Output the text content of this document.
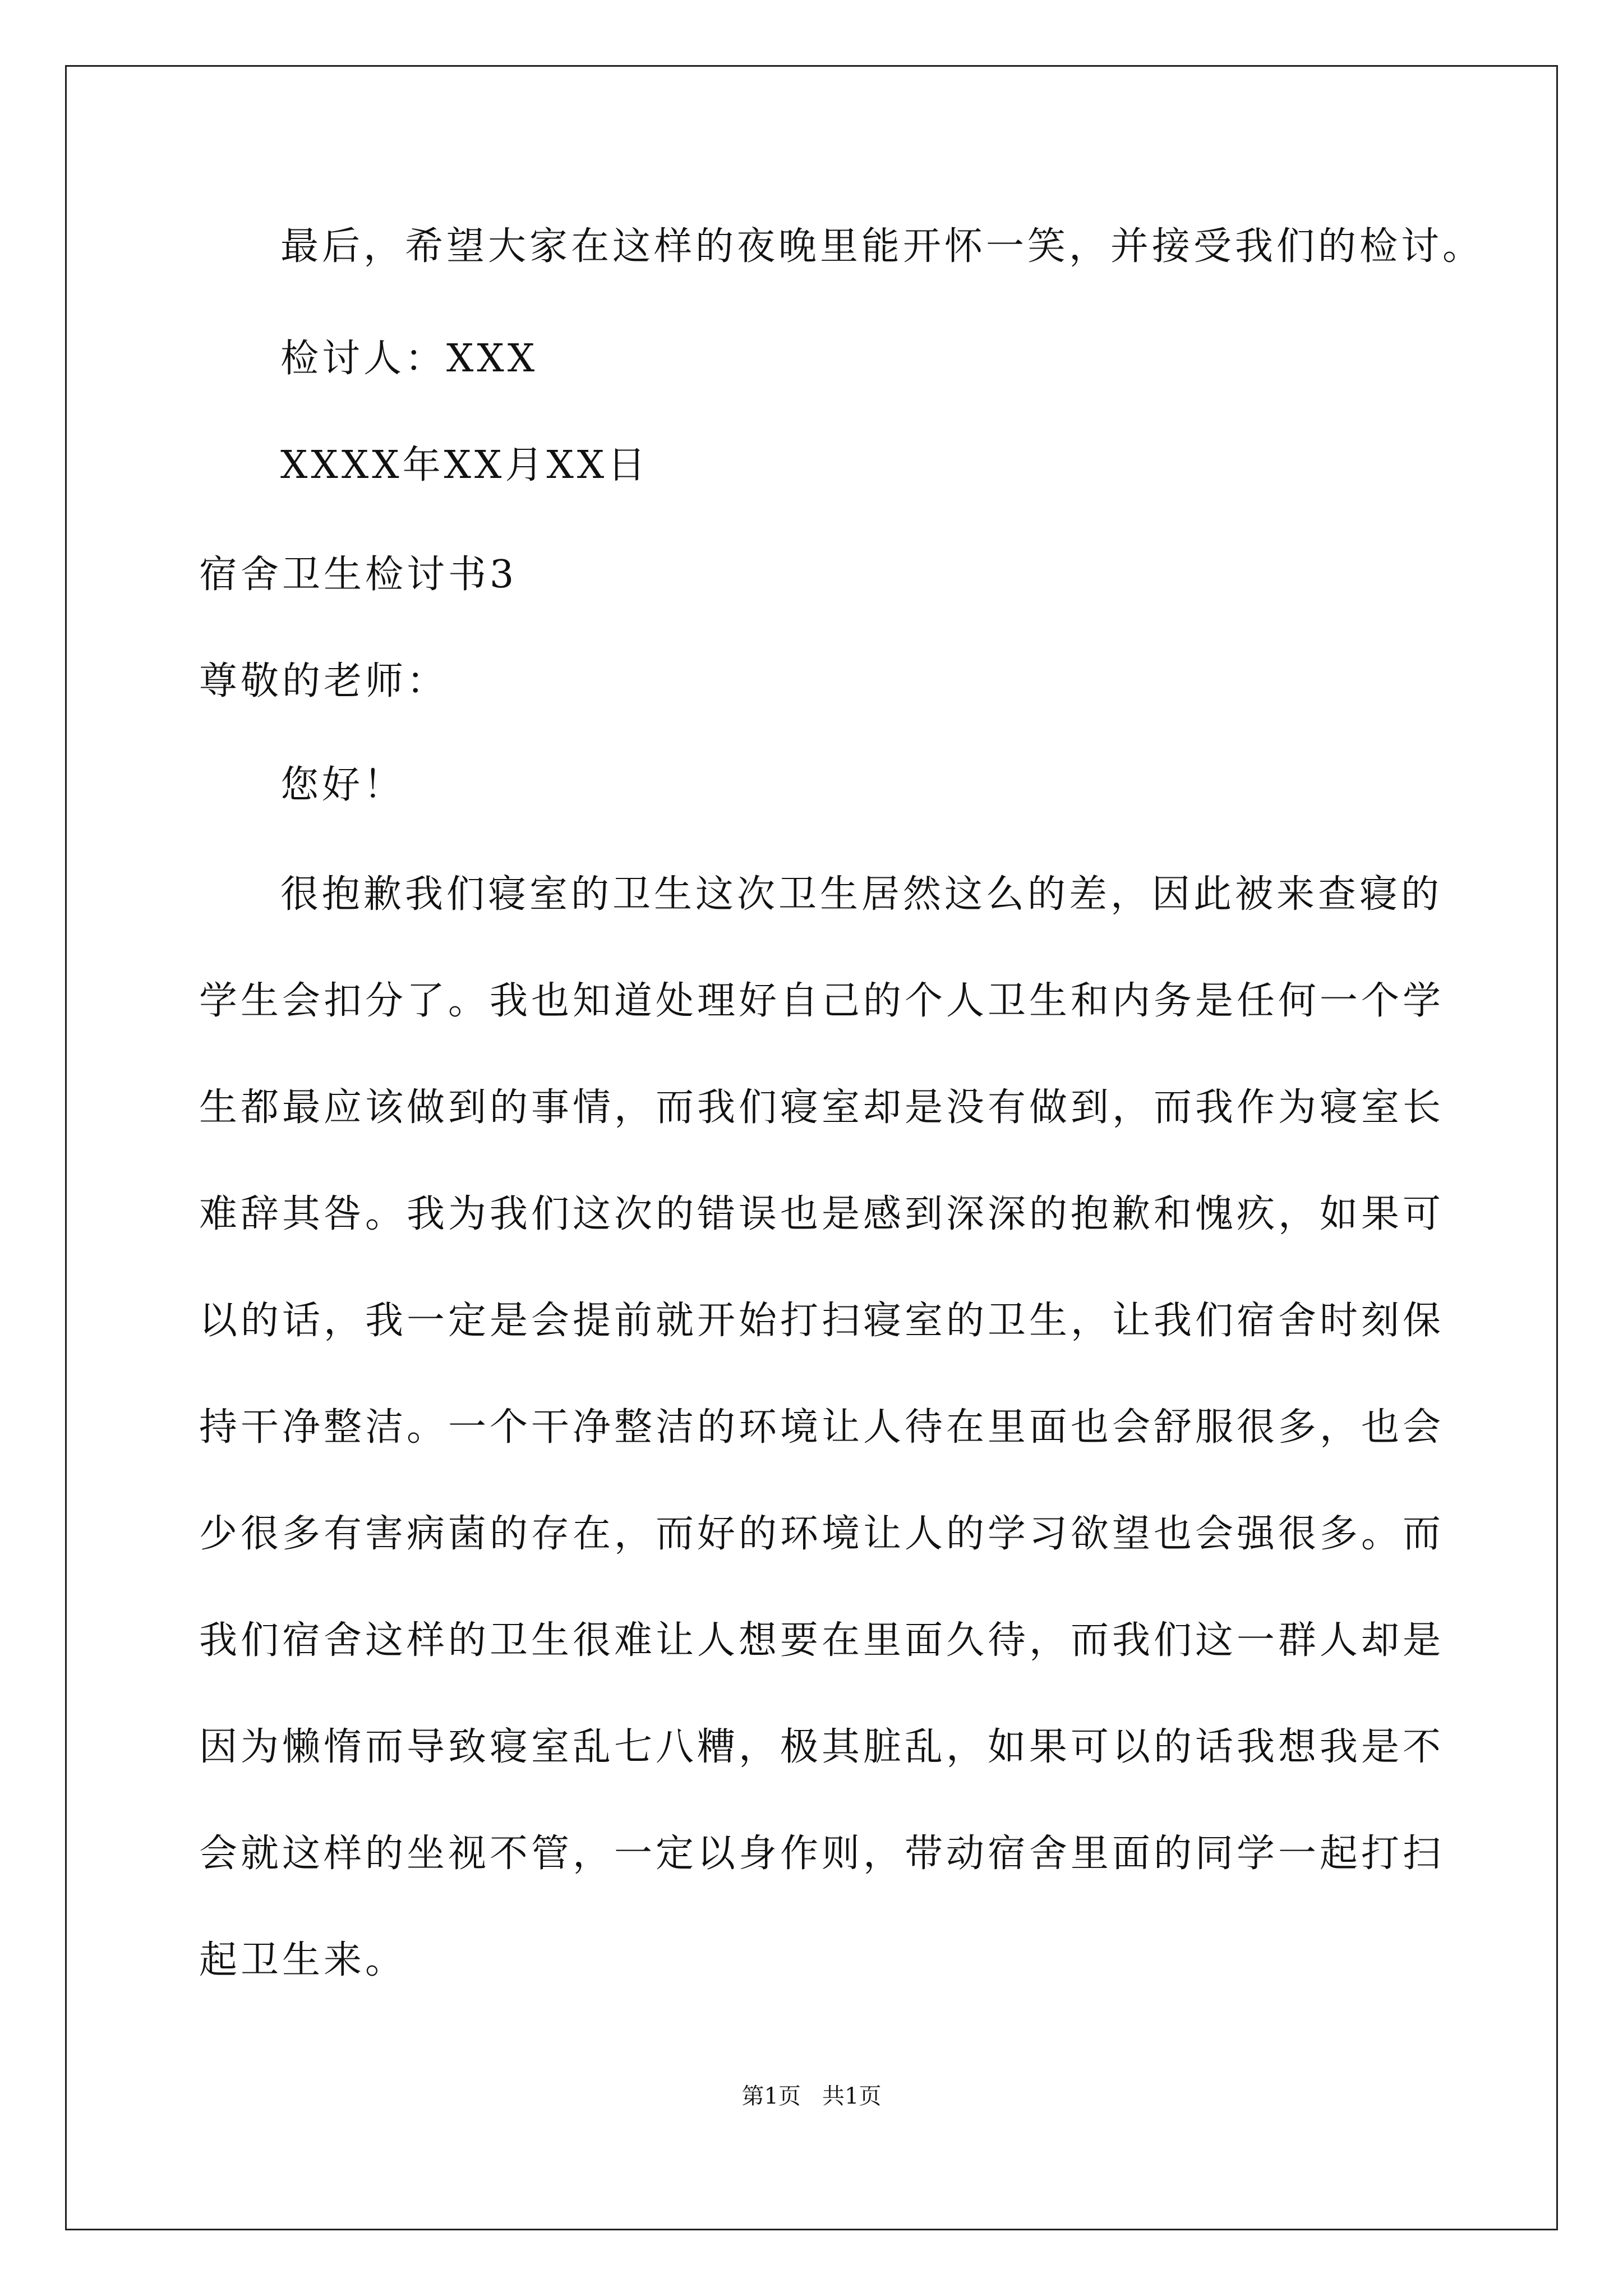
最后，希望大家在这样的夜晚里能开怀一笑，并接受我们的检讨。
检讨人：XXX
XXXX年XX月XX日
宿舍卫生检讨书3
尊敬的老师：
您好！
很抱歉我们寝室的卫生这次卫生居然这么的差，因此被来查寝的
学生会扣分了。我也知道处理好自己的个人卫生和内务是任何一个学
生都最应该做到的事情，而我们寝室却是没有做到，而我作为寝室长
难辞其咎。我为我们这次的错误也是感到深深的抱歉和愧疚，如果可
以的话，我一定是会提前就开始打扫寝室的卫生，让我们宿舍时刻保
持干净整洁。一个干净整洁的环境让人待在里面也会舒服很多，也会
少很多有害病菌的存在，而好的环境让人的学习欲望也会强很多。而
我们宿舍这样的卫生很难让人想要在里面久待，而我们这一群人却是
因为懒惰而导致寝室乱七八糟，极其脏乱，如果可以的话我想我是不
会就这样的坐视不管，一定以身作则，带动宿舍里面的同学一起打扫
起卫生来。
第1页   共1页
